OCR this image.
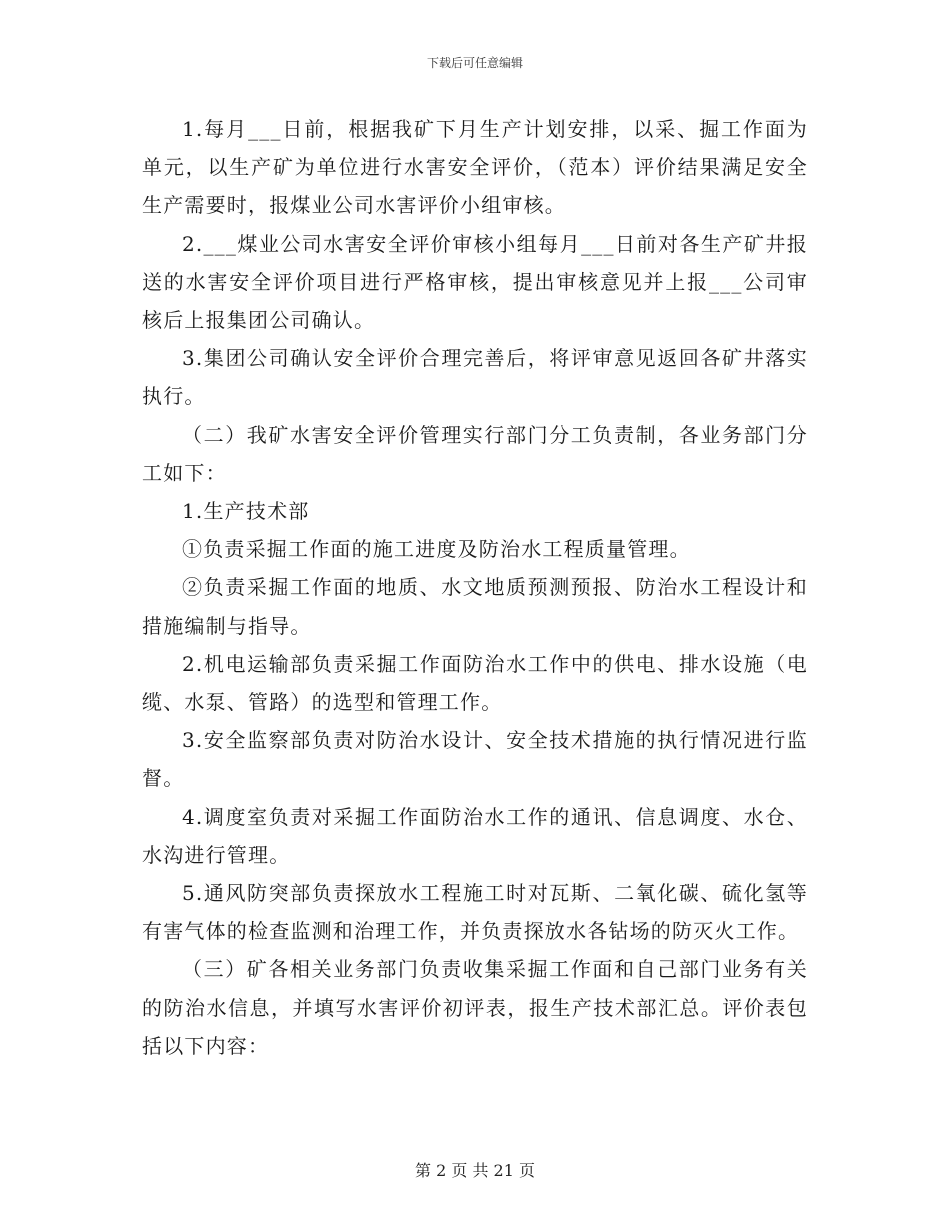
下载后可任意编辑

1.每月___日前，根据我矿下月生产计划安排，以采、掘工作面为单元，以生产矿为单位进行水害安全评价，（范本）评价结果满足安全生产需要时，报煤业公司水害评价小组审核。

2.___煤业公司水害安全评价审核小组每月___日前对各生产矿井报送的水害安全评价项目进行严格审核，提出审核意见并上报___公司审核后上报集团公司确认。

3.集团公司确认安全评价合理完善后，将评审意见返回各矿井落实执行。

（二）我矿水害安全评价管理实行部门分工负责制，各业务部门分工如下：

1.生产技术部

①负责采掘工作面的施工进度及防治水工程质量管理。

②负责采掘工作面的地质、水文地质预测预报、防治水工程设计和措施编制与指导。

2.机电运输部负责采掘工作面防治水工作中的供电、排水设施（电缆、水泵、管路）的选型和管理工作。

3.安全监察部负责对防治水设计、安全技术措施的执行情况进行监督。

4.调度室负责对采掘工作面防治水工作的通讯、信息调度、水仓、水沟进行管理。

5.通风防突部负责探放水工程施工时对瓦斯、二氧化碳、硫化氢等有害气体的检查监测和治理工作，并负责探放水各钻场的防灭火工作。

（三）矿各相关业务部门负责收集采掘工作面和自己部门业务有关的防治水信息，并填写水害评价初评表，报生产技术部汇总。评价表包括以下内容：

第 2 页 共 21 页
